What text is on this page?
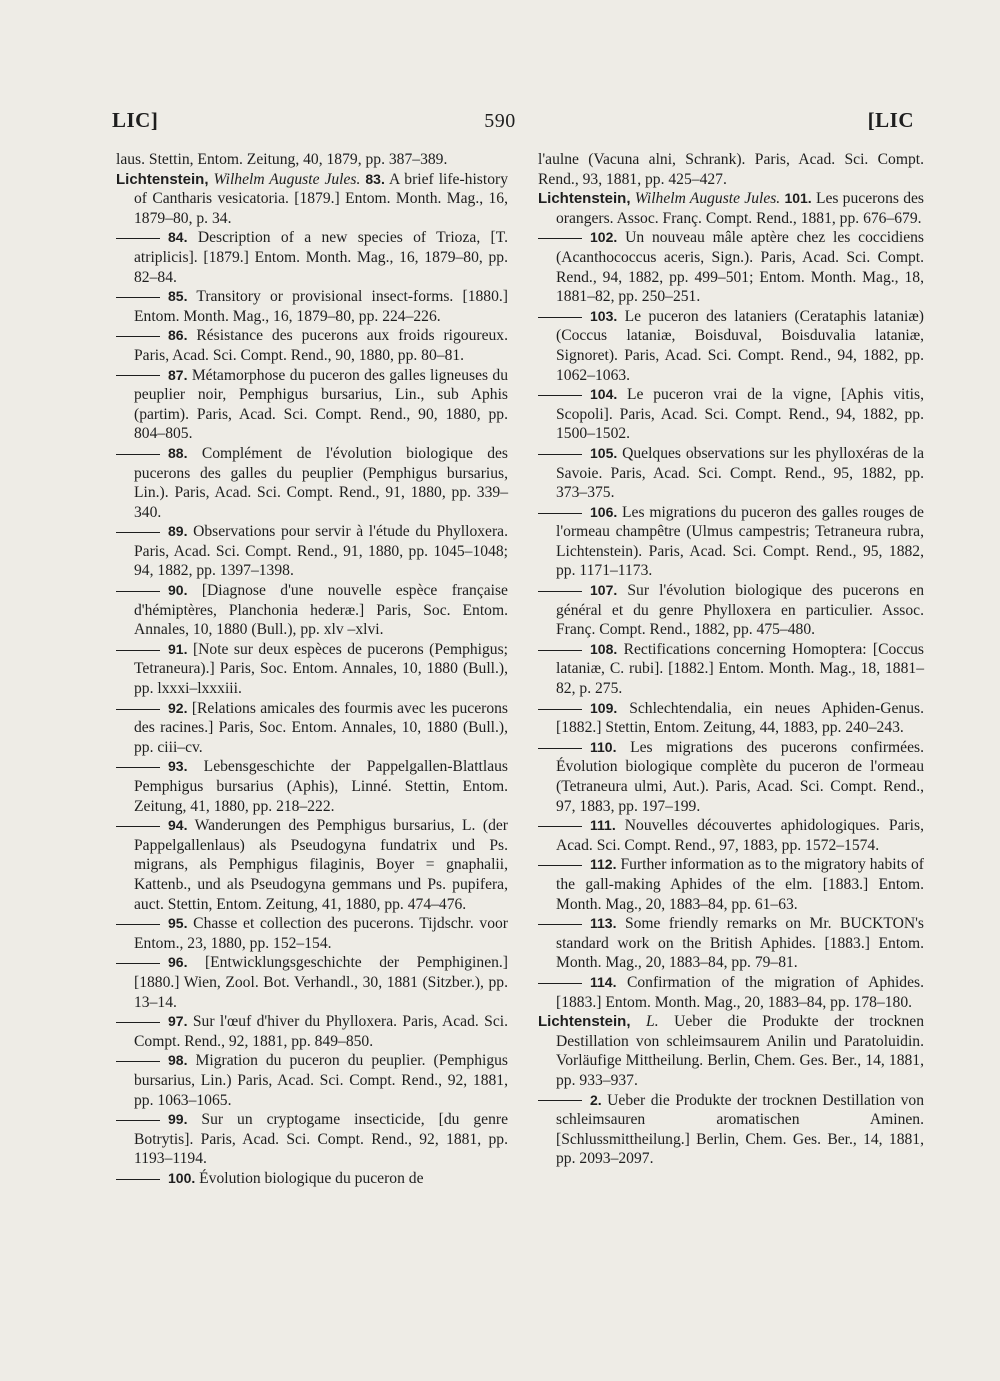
LIC]	590	[LIC

laus. Stettin, Entom. Zeitung, 40, 1879, pp. 387–389.

Lichtenstein, Wilhelm Auguste Jules. 83. A brief life-history of Cantharis vesicatoria. [1879.] Entom. Month. Mag., 16, 1879–80, p. 34.

84. Description of a new species of Trioza, [T. atriplicis]. [1879.] Entom. Month. Mag., 16, 1879–80, pp. 82–84.

85. Transitory or provisional insect-forms. [1880.] Entom. Month. Mag., 16, 1879–80, pp. 224–226.

86. Résistance des pucerons aux froids rigoureux. Paris, Acad. Sci. Compt. Rend., 90, 1880, pp. 80–81.

87. Métamorphose du puceron des galles ligneuses du peuplier noir, Pemphigus bursarius, Lin., sub Aphis (partim). Paris, Acad. Sci. Compt. Rend., 90, 1880, pp. 804–805.

88. Complément de l'évolution biologique des pucerons des galles du peuplier (Pemphigus bursarius, Lin.). Paris, Acad. Sci. Compt. Rend., 91, 1880, pp. 339–340.

89. Observations pour servir à l'étude du Phylloxera. Paris, Acad. Sci. Compt. Rend., 91, 1880, pp. 1045–1048; 94, 1882, pp. 1397–1398.

90. [Diagnose d'une nouvelle espèce française d'hémiptères, Planchonia hederæ.] Paris, Soc. Entom. Annales, 10, 1880 (Bull.), pp. xlv –xlvi.

91. [Note sur deux espèces de pucerons (Pemphigus; Tetraneura).] Paris, Soc. Entom. Annales, 10, 1880 (Bull.), pp. lxxxi–lxxxiii.

92. [Relations amicales des fourmis avec les pucerons des racines.] Paris, Soc. Entom. Annales, 10, 1880 (Bull.), pp. ciii–cv.

93. Lebensgeschichte der Pappelgallen-Blattlaus Pemphigus bursarius (Aphis), Linné. Stettin, Entom. Zeitung, 41, 1880, pp. 218–222.

94. Wanderungen des Pemphigus bursarius, L. (der Pappelgallenlaus) als Pseudogyna fundatrix und Ps. migrans, als Pemphigus filaginis, Boyer = gnaphalii, Kattenb., und als Pseudogyna gemmans und Ps. pupifera, auct. Stettin, Entom. Zeitung, 41, 1880, pp. 474–476.

95. Chasse et collection des pucerons. Tijdschr. voor Entom., 23, 1880, pp. 152–154.

96. [Entwicklungsgeschichte der Pemphiginen.] [1880.] Wien, Zool. Bot. Verhandl., 30, 1881 (Sitzber.), pp. 13–14.

97. Sur l'œuf d'hiver du Phylloxera. Paris, Acad. Sci. Compt. Rend., 92, 1881, pp. 849–850.

98. Migration du puceron du peuplier. (Pemphigus bursarius, Lin.) Paris, Acad. Sci. Compt. Rend., 92, 1881, pp. 1063–1065.

99. Sur un cryptogame insecticide, [du genre Botrytis]. Paris, Acad. Sci. Compt. Rend., 92, 1881, pp. 1193–1194.

100. Évolution biologique du puceron de

l'aulne (Vacuna alni, Schrank). Paris, Acad. Sci. Compt. Rend., 93, 1881, pp. 425–427.

Lichtenstein, Wilhelm Auguste Jules. 101. Les pucerons des orangers. Assoc. Franç. Compt. Rend., 1881, pp. 676–679.

102. Un nouveau mâle aptère chez les coccidiens (Acanthococcus aceris, Sign.). Paris, Acad. Sci. Compt. Rend., 94, 1882, pp. 499–501; Entom. Month. Mag., 18, 1881–82, pp. 250–251.

103. Le puceron des lataniers (Cerataphis lataniæ) (Coccus lataniæ, Boisduval, Boisduvalia lataniæ, Signoret). Paris, Acad. Sci. Compt. Rend., 94, 1882, pp. 1062–1063.

104. Le puceron vrai de la vigne, [Aphis vitis, Scopoli]. Paris, Acad. Sci. Compt. Rend., 94, 1882, pp. 1500–1502.

105. Quelques observations sur les phylloxéras de la Savoie. Paris, Acad. Sci. Compt. Rend., 95, 1882, pp. 373–375.

106. Les migrations du puceron des galles rouges de l'ormeau champêtre (Ulmus campestris; Tetraneura rubra, Lichtenstein). Paris, Acad. Sci. Compt. Rend., 95, 1882, pp. 1171–1173.

107. Sur l'évolution biologique des pucerons en général et du genre Phylloxera en particulier. Assoc. Franç. Compt. Rend., 1882, pp. 475–480.

108. Rectifications concerning Homoptera: [Coccus lataniæ, C. rubi]. [1882.] Entom. Month. Mag., 18, 1881–82, p. 275.

109. Schlechtendalia, ein neues Aphiden-Genus. [1882.] Stettin, Entom. Zeitung, 44, 1883, pp. 240–243.

110. Les migrations des pucerons confirmées. Évolution biologique complète du puceron de l'ormeau (Tetraneura ulmi, Aut.). Paris, Acad. Sci. Compt. Rend., 97, 1883, pp. 197–199.

111. Nouvelles découvertes aphidologiques. Paris, Acad. Sci. Compt. Rend., 97, 1883, pp. 1572–1574.

112. Further information as to the migratory habits of the gall-making Aphides of the elm. [1883.] Entom. Month. Mag., 20, 1883–84, pp. 61–63.

113. Some friendly remarks on Mr. BUCKTON's standard work on the British Aphides. [1883.] Entom. Month. Mag., 20, 1883–84, pp. 79–81.

114. Confirmation of the migration of Aphides. [1883.] Entom. Month. Mag., 20, 1883–84, pp. 178–180.

Lichtenstein, L. Ueber die Produkte der trocknen Destillation von schleimsaurem Anilin und Paratoluidin. Vorläufige Mittheilung. Berlin, Chem. Ges. Ber., 14, 1881, pp. 933–937.

2. Ueber die Produkte der trocknen Destillation von schleimsauren aromatischen Aminen. [Schlussmittheilung.] Berlin, Chem. Ges. Ber., 14, 1881, pp. 2093–2097.
